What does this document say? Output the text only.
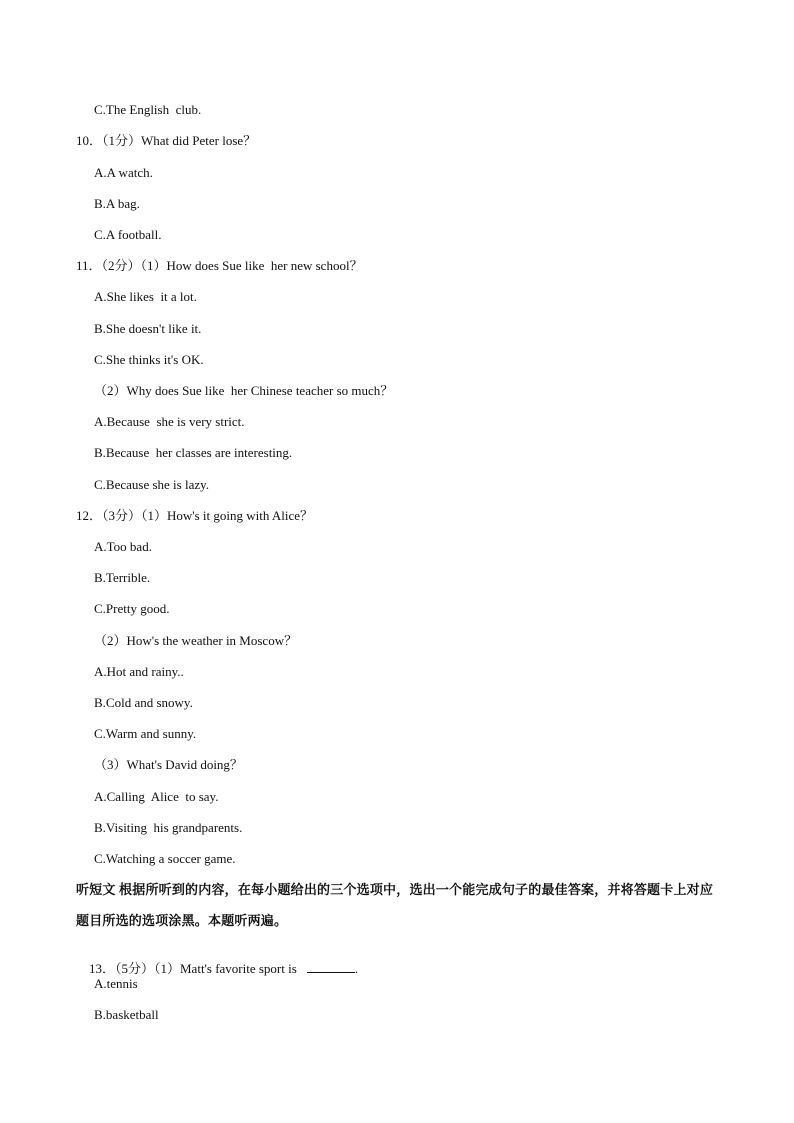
C.The English  club.
10．（1分）What did Peter lose？
A.A watch.
B.A bag.
C.A football.
11．（2分）（1）How does Sue like  her new school？
A.She likes  it a lot.
B.She doesn't like it.
C.She thinks it's OK.
（2）Why does Sue like  her Chinese teacher so much？
A.Because  she is very strict.
B.Because  her classes are interesting.
C.Because she is lazy.
12．（3分）（1）How's it going with Alice？
A.Too bad.
B.Terrible.
C.Pretty good.
（2）How's the weather in Moscow？
A.Hot and rainy..
B.Cold and snowy.
C.Warm and sunny.
（3）What's David doing？
A.Calling  Alice  to say.
B.Visiting  his grandparents.
C.Watching a soccer game.
听短文 根据所听到的内容，在每小题给出的三个选项中，选出一个能完成句子的最佳答案，并将答题卡上对应题目所选的选项涂黑。本题听两遍。

13．（5分）（1）Matt's favorite sport is	.

A.tennis
B.basketball
